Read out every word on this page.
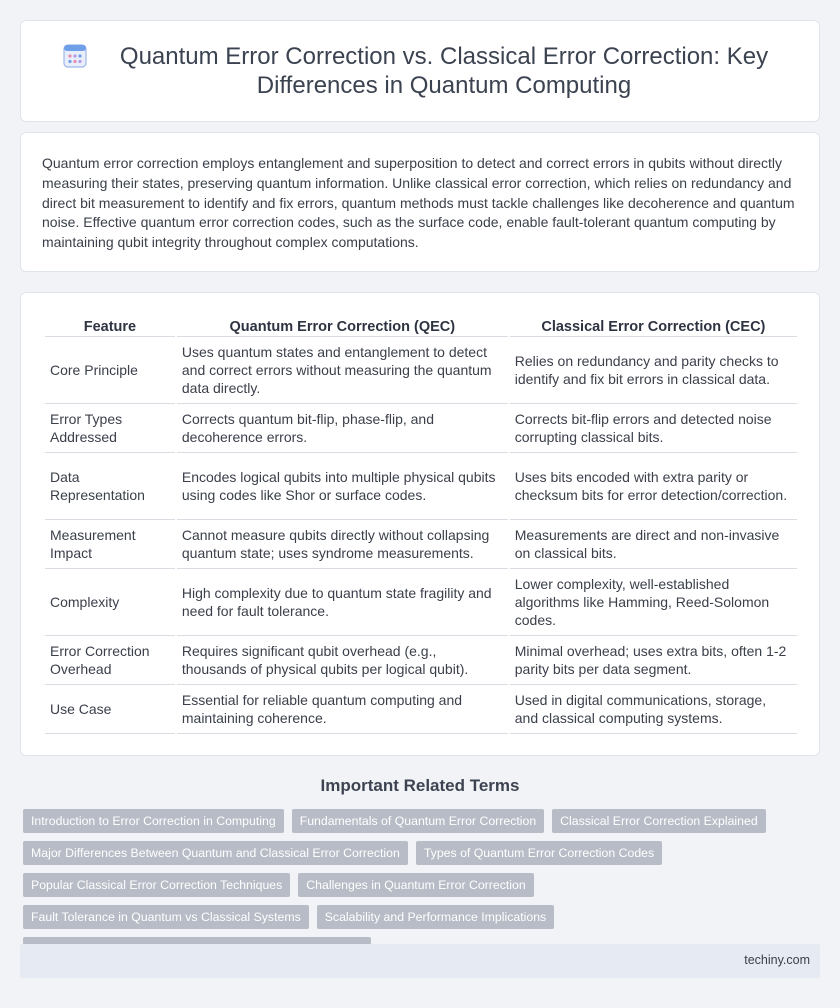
Quantum Error Correction vs. Classical Error Correction: Key Differences in Quantum Computing

Quantum error correction employs entanglement and superposition to detect and correct errors in qubits without directly measuring their states, preserving quantum information. Unlike classical error correction, which relies on redundancy and direct bit measurement to identify and fix errors, quantum methods must tackle challenges like decoherence and quantum noise. Effective quantum error correction codes, such as the surface code, enable fault-tolerant quantum computing by maintaining qubit integrity throughout complex computations.

Feature	Quantum Error Correction (QEC)	Classical Error Correction (CEC)
Core Principle	Uses quantum states and entanglement to detect and correct errors without measuring the quantum data directly.	Relies on redundancy and parity checks to identify and fix bit errors in classical data.
Error Types Addressed	Corrects quantum bit-flip, phase-flip, and decoherence errors.	Corrects bit-flip errors and detected noise corrupting classical bits.
Data Representation	Encodes logical qubits into multiple physical qubits using codes like Shor or surface codes.	Uses bits encoded with extra parity or checksum bits for error detection/correction.
Measurement Impact	Cannot measure qubits directly without collapsing quantum state; uses syndrome measurements.	Measurements are direct and non-invasive on classical bits.
Complexity	High complexity due to quantum state fragility and need for fault tolerance.	Lower complexity, well-established algorithms like Hamming, Reed-Solomon codes.
Error Correction Overhead	Requires significant qubit overhead (e.g., thousands of physical qubits per logical qubit).	Minimal overhead; uses extra bits, often 1-2 parity bits per data segment.
Use Case	Essential for reliable quantum computing and maintaining coherence.	Used in digital communications, storage, and classical computing systems.
Important Related Terms
Introduction to Error Correction in Computing	Fundamentals of Quantum Error Correction	Classical Error Correction Explained
Major Differences Between Quantum and Classical Error Correction	Types of Quantum Error Correction Codes
Popular Classical Error Correction Techniques	Challenges in Quantum Error Correction
Fault Tolerance in Quantum vs Classical Systems	Scalability and Performance Implications
techiny.com
